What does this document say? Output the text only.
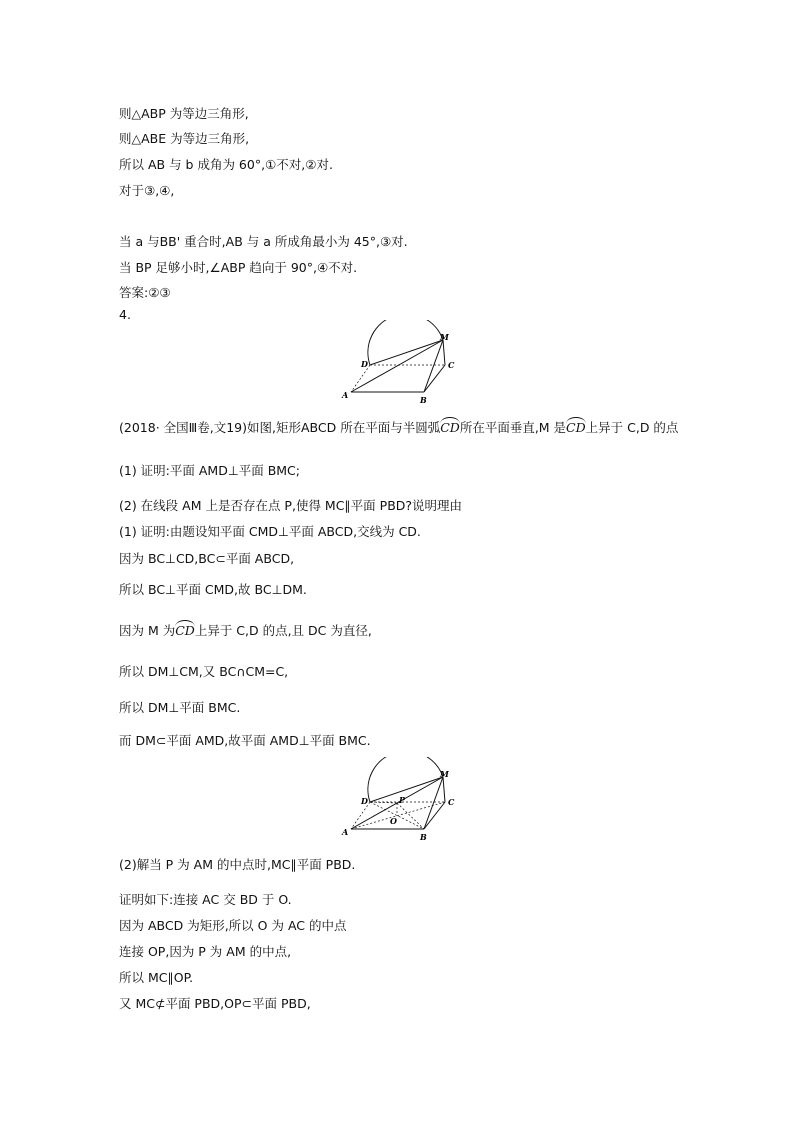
则△ABP 为等边三角形,
则△ABE 为等边三角形,
所以 AB 与 b 成角为 60°,①不对,②对.
对于③,④,
当 a 与BB' 重合时,AB 与 a 所成角最小为 45°,③对.
当 BP 足够小时,∠ABP 趋向于 90°,④不对.
答案:②③
4.
A	B
C
D
M
(2018· 全国Ⅲ卷,文19)如图,矩形ABCD 所在平面与半圆弧CD所在平面垂直,M 是CD上异于 C,D 的点
(1) 证明:平面 AMD⊥平面 BMC;
(2) 在线段 AM 上是否存在点 P,使得 MC∥平面 PBD?说明理由
(1) 证明:由题设知平面 CMD⊥平面 ABCD,交线为 CD.
因为 BC⊥CD,BC⊂平面 ABCD,
所以 BC⊥平面 CMD,故 BC⊥DM.
因为 M 为CD上异于 C,D 的点,且 DC 为直径,
所以 DM⊥CM,又 BC∩CM=C,
所以 DM⊥平面 BMC.
而 DM⊂平面 AMD,故平面 AMD⊥平面 BMC.
A	B
C
D
M
P
O
(2)解当 P 为 AM 的中点时,MC∥平面 PBD.
证明如下:连接 AC 交 BD 于 O.
因为 ABCD 为矩形,所以 O 为 AC 的中点
连接 OP,因为 P 为 AM 的中点,
所以 MC∥OP.
又 MC⊄平面 PBD,OP⊂平面 PBD,
